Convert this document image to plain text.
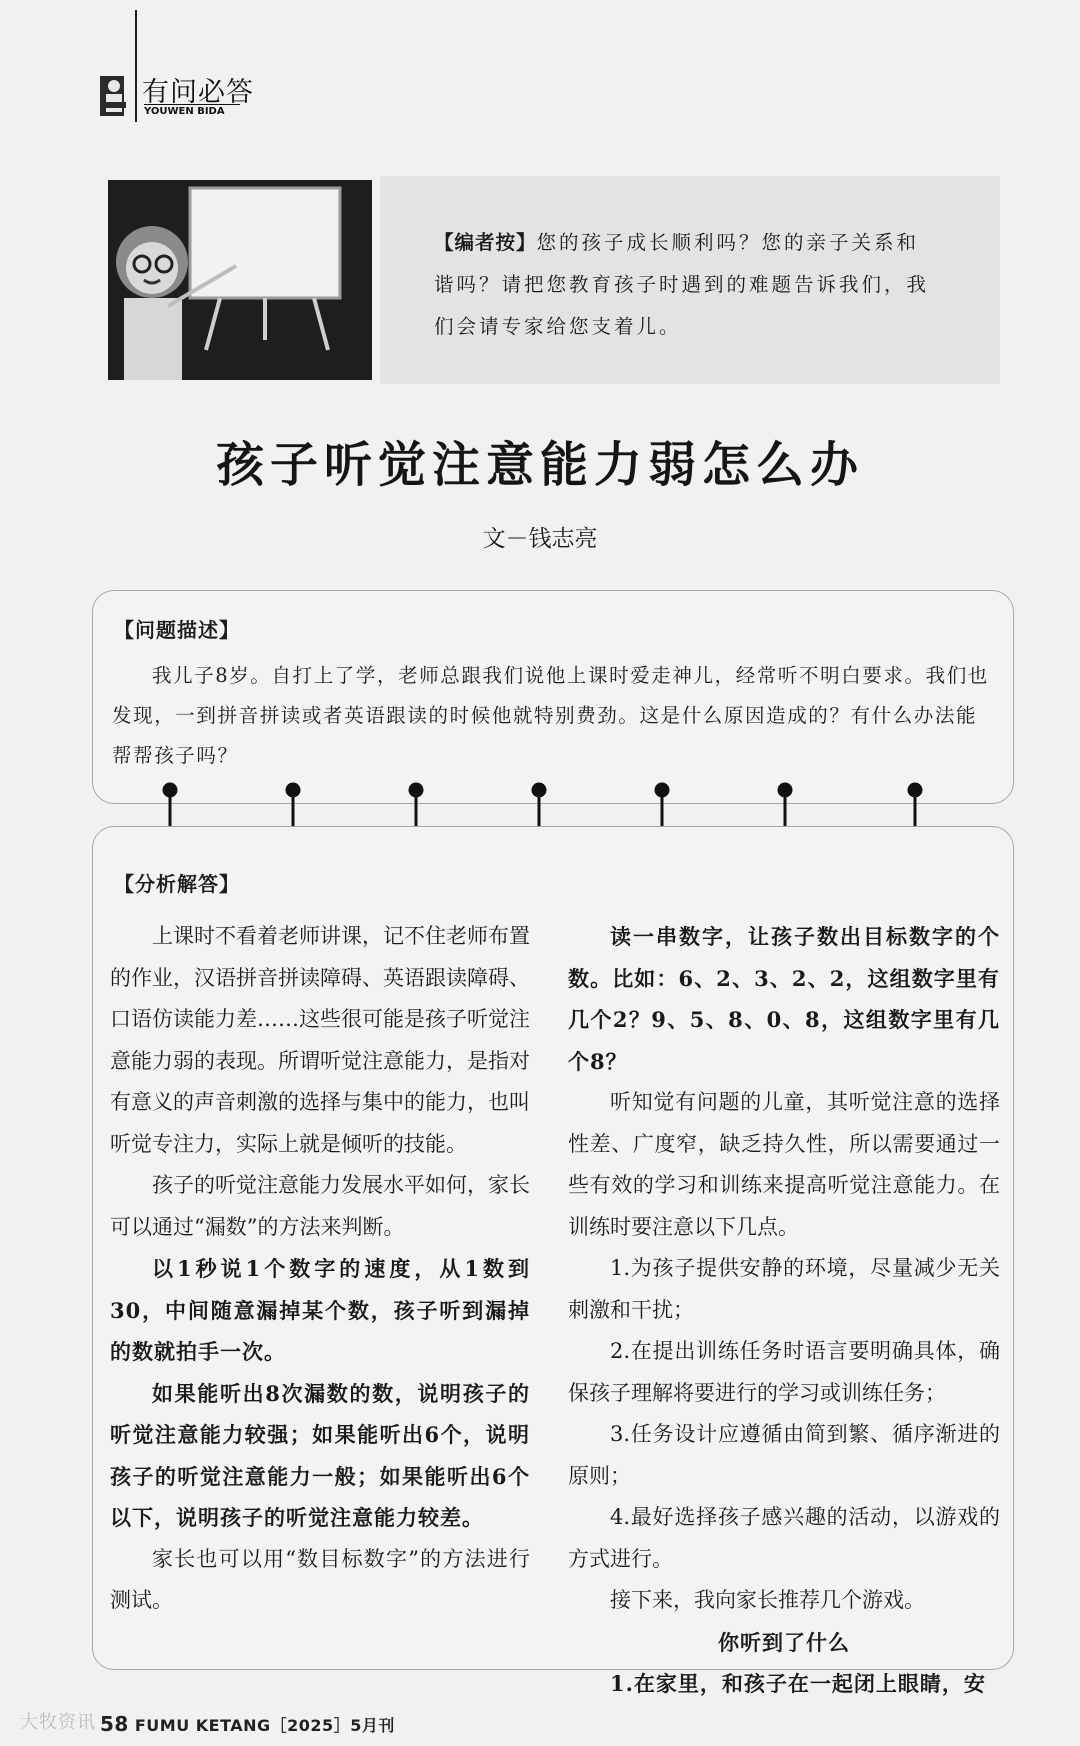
有问必答
YOUWEN BIDA
【编者按】您的孩子成长顺利吗？您的亲子关系和谐吗？请把您教育孩子时遇到的难题告诉我们，我们会请专家给您支着儿。
孩子听觉注意能力弱怎么办
文－钱志亮
【问题描述】
我儿子8岁。自打上了学，老师总跟我们说他上课时爱走神儿，经常听不明白要求。我们也发现，一到拼音拼读或者英语跟读的时候他就特别费劲。这是什么原因造成的？有什么办法能帮帮孩子吗？
【分析解答】

上课时不看着老师讲课，记不住老师布置的作业，汉语拼音拼读障碍、英语跟读障碍、口语仿读能力差……这些很可能是孩子听觉注意能力弱的表现。所谓听觉注意能力，是指对有意义的声音刺激的选择与集中的能力，也叫听觉专注力，实际上就是倾听的技能。

孩子的听觉注意能力发展水平如何，家长可以通过“漏数”的方法来判断。

以1秒说1个数字的速度，从1数到30，中间随意漏掉某个数，孩子听到漏掉的数就拍手一次。

如果能听出8次漏数的数，说明孩子的听觉注意能力较强；如果能听出6个，说明孩子的听觉注意能力一般；如果能听出6个以下，说明孩子的听觉注意能力较差。

家长也可以用“数目标数字”的方法进行测试。

读一串数字，让孩子数出目标数字的个数。比如：6、2、3、2、2，这组数字里有几个2？9、5、8、0、8，这组数字里有几个8？

听知觉有问题的儿童，其听觉注意的选择性差、广度窄，缺乏持久性，所以需要通过一些有效的学习和训练来提高听觉注意能力。在训练时要注意以下几点。

1.为孩子提供安静的环境，尽量减少无关刺激和干扰；

2.在提出训练任务时语言要明确具体，确保孩子理解将要进行的学习或训练任务；

3.任务设计应遵循由简到繁、循序渐进的原则；

4.最好选择孩子感兴趣的活动，以游戏的方式进行。

接下来，我向家长推荐几个游戏。

你听到了什么

1.在家里，和孩子在一起闭上眼睛，安

大牧资讯 58 FUMU KETANG［2025］5月刊
